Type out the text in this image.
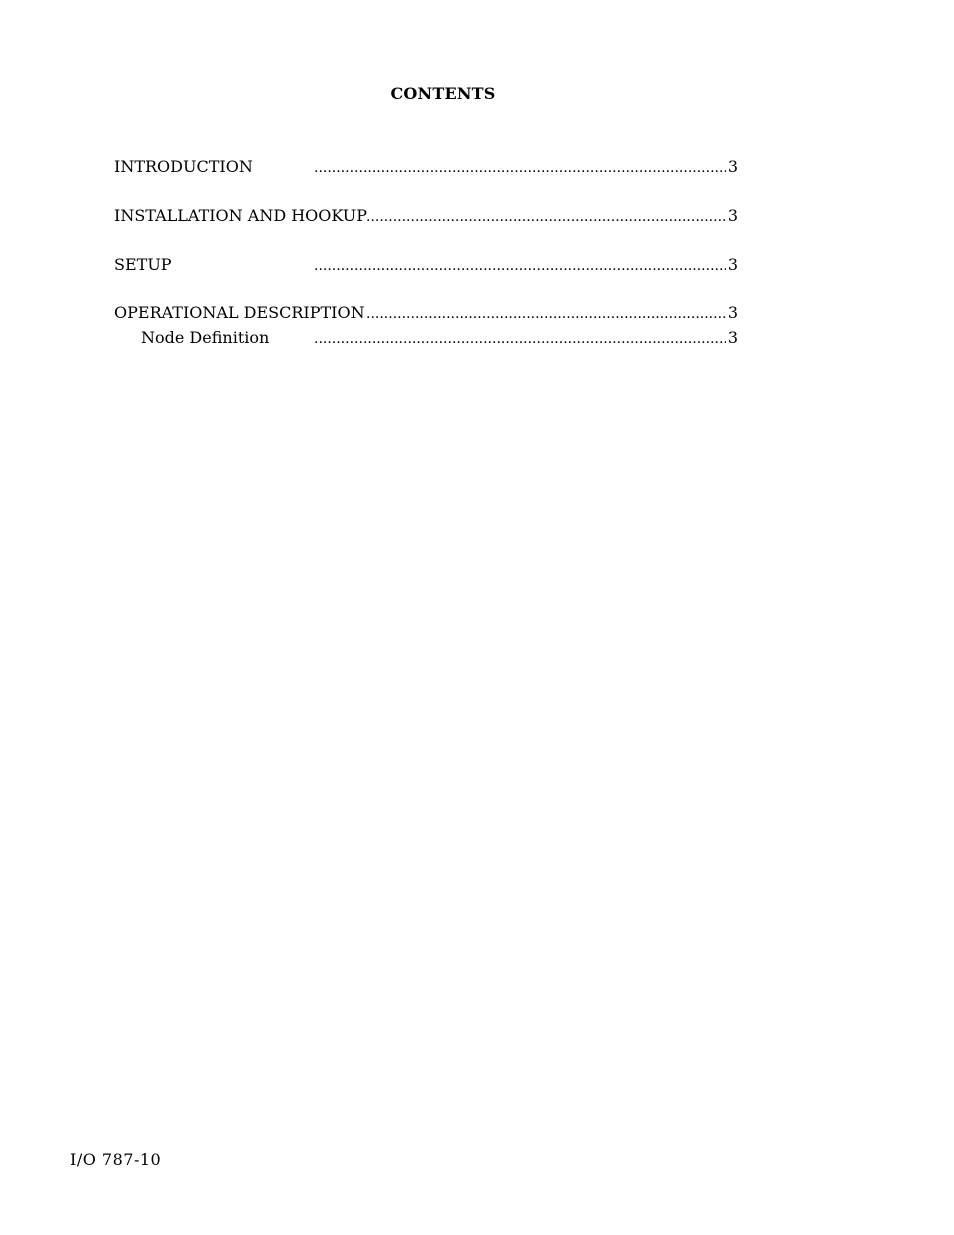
CONTENTS
INTRODUCTION .....	3
INSTALLATION AND HOOKUP .....	3
SETUP .....	3
OPERATIONAL DESCRIPTION .....	3
Node Definition .....	3
I/O 787-10
